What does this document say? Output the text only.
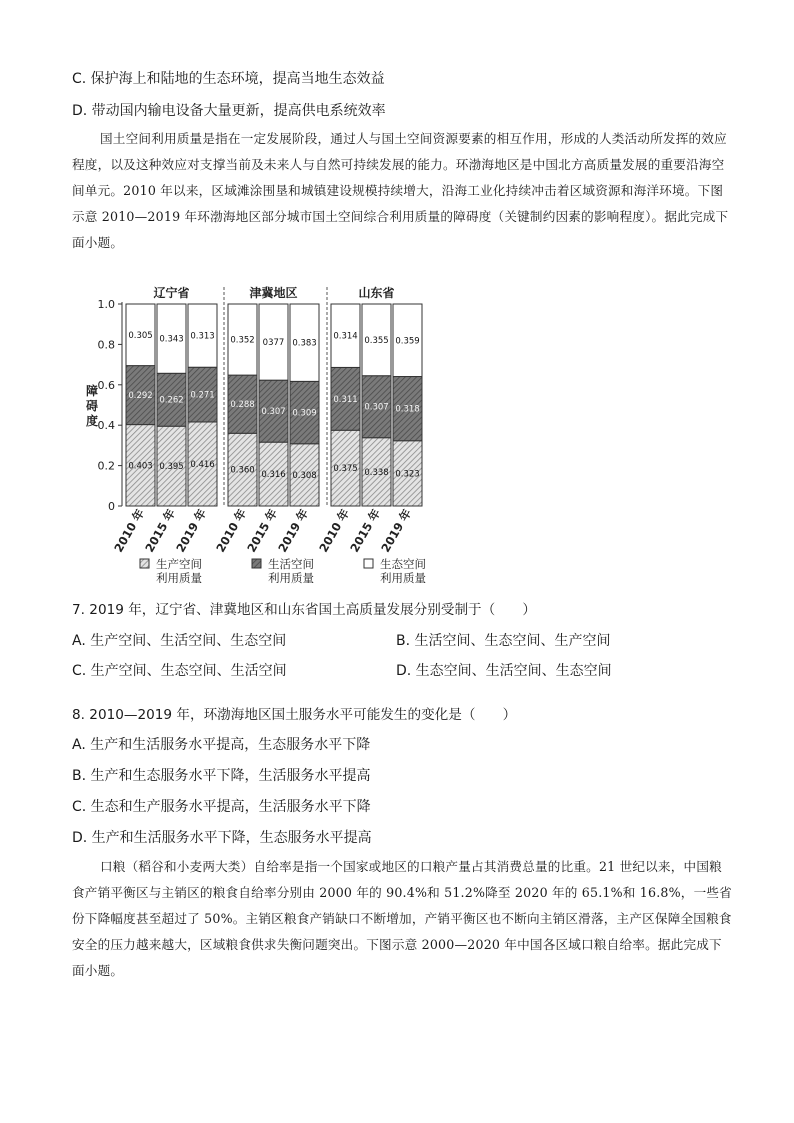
C. 保护海上和陆地的生态环境，提高当地生态效益
D. 带动国内输电设备大量更新，提高供电系统效率
国土空间利用质量是指在一定发展阶段，通过人与国土空间资源要素的相互作用，形成的人类活动所发挥的效应程度，以及这种效应对支撑当前及未来人与自然可持续发展的能力。环渤海地区是中国北方高质量发展的重要沿海空间单元。2010 年以来，区域滩涂围垦和城镇建设规模持续增大，沿海工业化持续冲击着区域资源和海洋环境。下图示意 2010—2019 年环渤海地区部分城市国土空间综合利用质量的障碍度（关键制约因素的影响程度）。据此完成下面小题。
0
0.2
0.4
0.6
0.8
1.0
障
碍
度
辽宁省
2010 年
2015 年
2019 年
津冀地区
2010 年
2015 年
2019 年
山东省
2010 年
2015 年
2019 年
0.403
0.292
0.305
0.395
0.262
0.343
0.416
0.271
0.313
0.360
0.288
0.352
0.316
0.307
0377
0.308
0.309
0.383
0.375
0.311
0.314
0.338
0.307
0.355
0.323
0.318
0.359
生产空间
利用质量
生活空间
利用质量
生态空间
利用质量
7. 2019 年，辽宁省、津冀地区和山东省国土高质量发展分别受制于（　　）
A. 生产空间、生活空间、生态空间	B. 生活空间、生态空间、生产空间
C. 生产空间、生态空间、生活空间	D. 生态空间、生活空间、生态空间
8. 2010—2019 年，环渤海地区国土服务水平可能发生的变化是（　　）
A. 生产和生活服务水平提高，生态服务水平下降
B. 生产和生态服务水平下降，生活服务水平提高
C. 生态和生产服务水平提高，生活服务水平下降
D. 生产和生活服务水平下降，生态服务水平提高
口粮（稻谷和小麦两大类）自给率是指一个国家或地区的口粮产量占其消费总量的比重。21 世纪以来，中国粮食产销平衡区与主销区的粮食自给率分别由 2000 年的 90.4%和 51.2%降至 2020 年的 65.1%和 16.8%，一些省份下降幅度甚至超过了 50%。主销区粮食产销缺口不断增加，产销平衡区也不断向主销区滑落，主产区保障全国粮食安全的压力越来越大，区域粮食供求失衡问题突出。下图示意 2000—2020 年中国各区域口粮自给率。据此完成下面小题。
